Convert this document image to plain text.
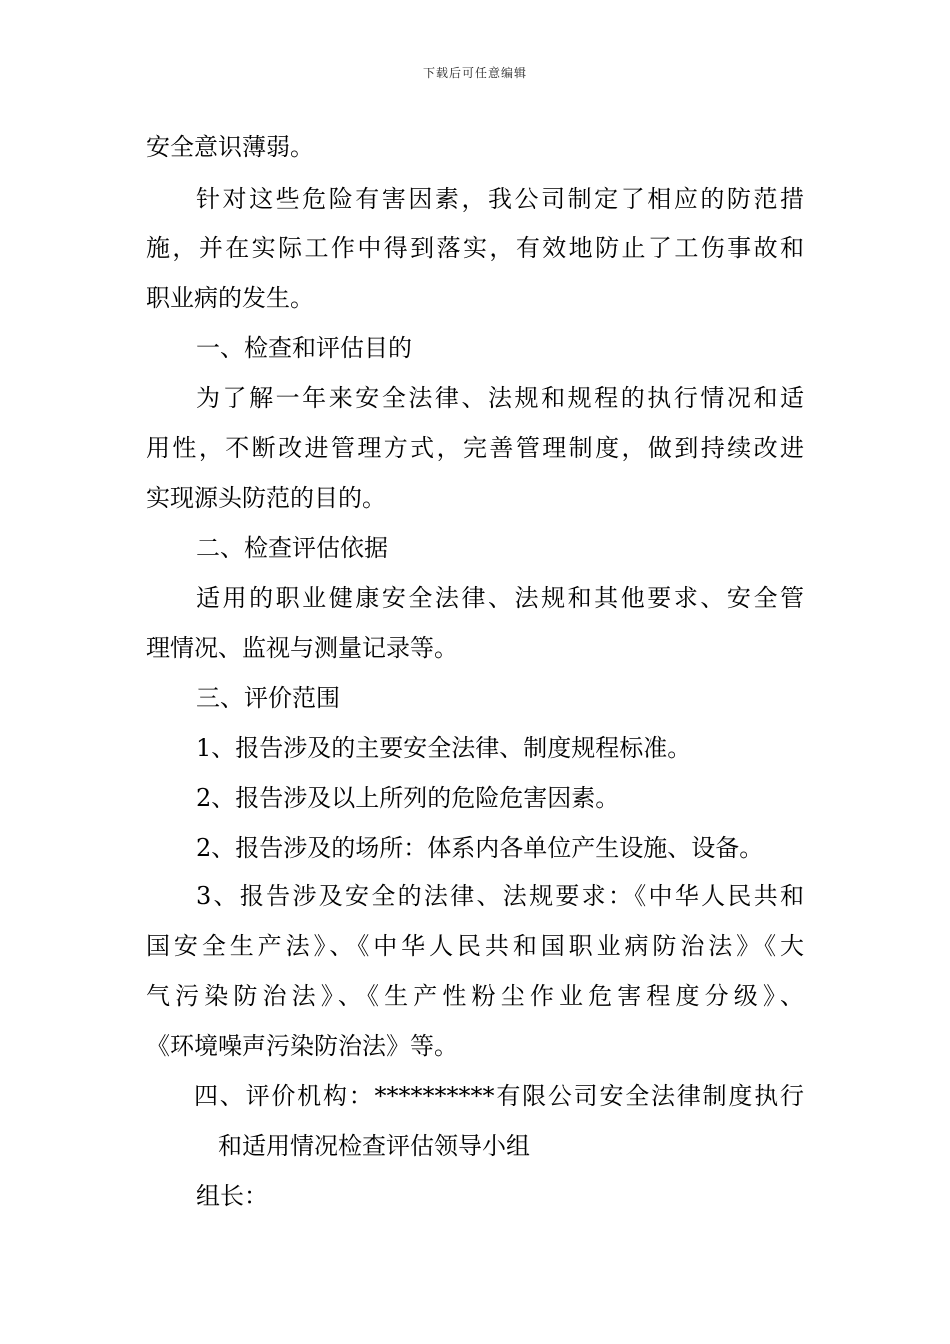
下载后可任意编辑

安全意识薄弱。

针对这些危险有害因素，我公司制定了相应的防范措

施，并在实际工作中得到落实，有效地防止了工伤事故和

职业病的发生。

一、检查和评估目的

为了解一年来安全法律、法规和规程的执行情况和适

用性，不断改进管理方式，完善管理制度，做到持续改进

实现源头防范的目的。

二、检查评估依据

适用的职业健康安全法律、法规和其他要求、安全管

理情况、监视与测量记录等。

三、评价范围

1、报告涉及的主要安全法律、制度规程标准。

2、报告涉及以上所列的危险危害因素。

2、报告涉及的场所：体系内各单位产生设施、设备。

3、报告涉及安全的法律、法规要求：《中华人民共和

国安全生产法》、《中华人民共和国职业病防治法》《大

气污染防治法》、《生产性粉尘作业危害程度分级》、

《环境噪声污染防治法》等。

四、评价机构：**********有限公司安全法律制度执行

和适用情况检查评估领导小组

组长：
